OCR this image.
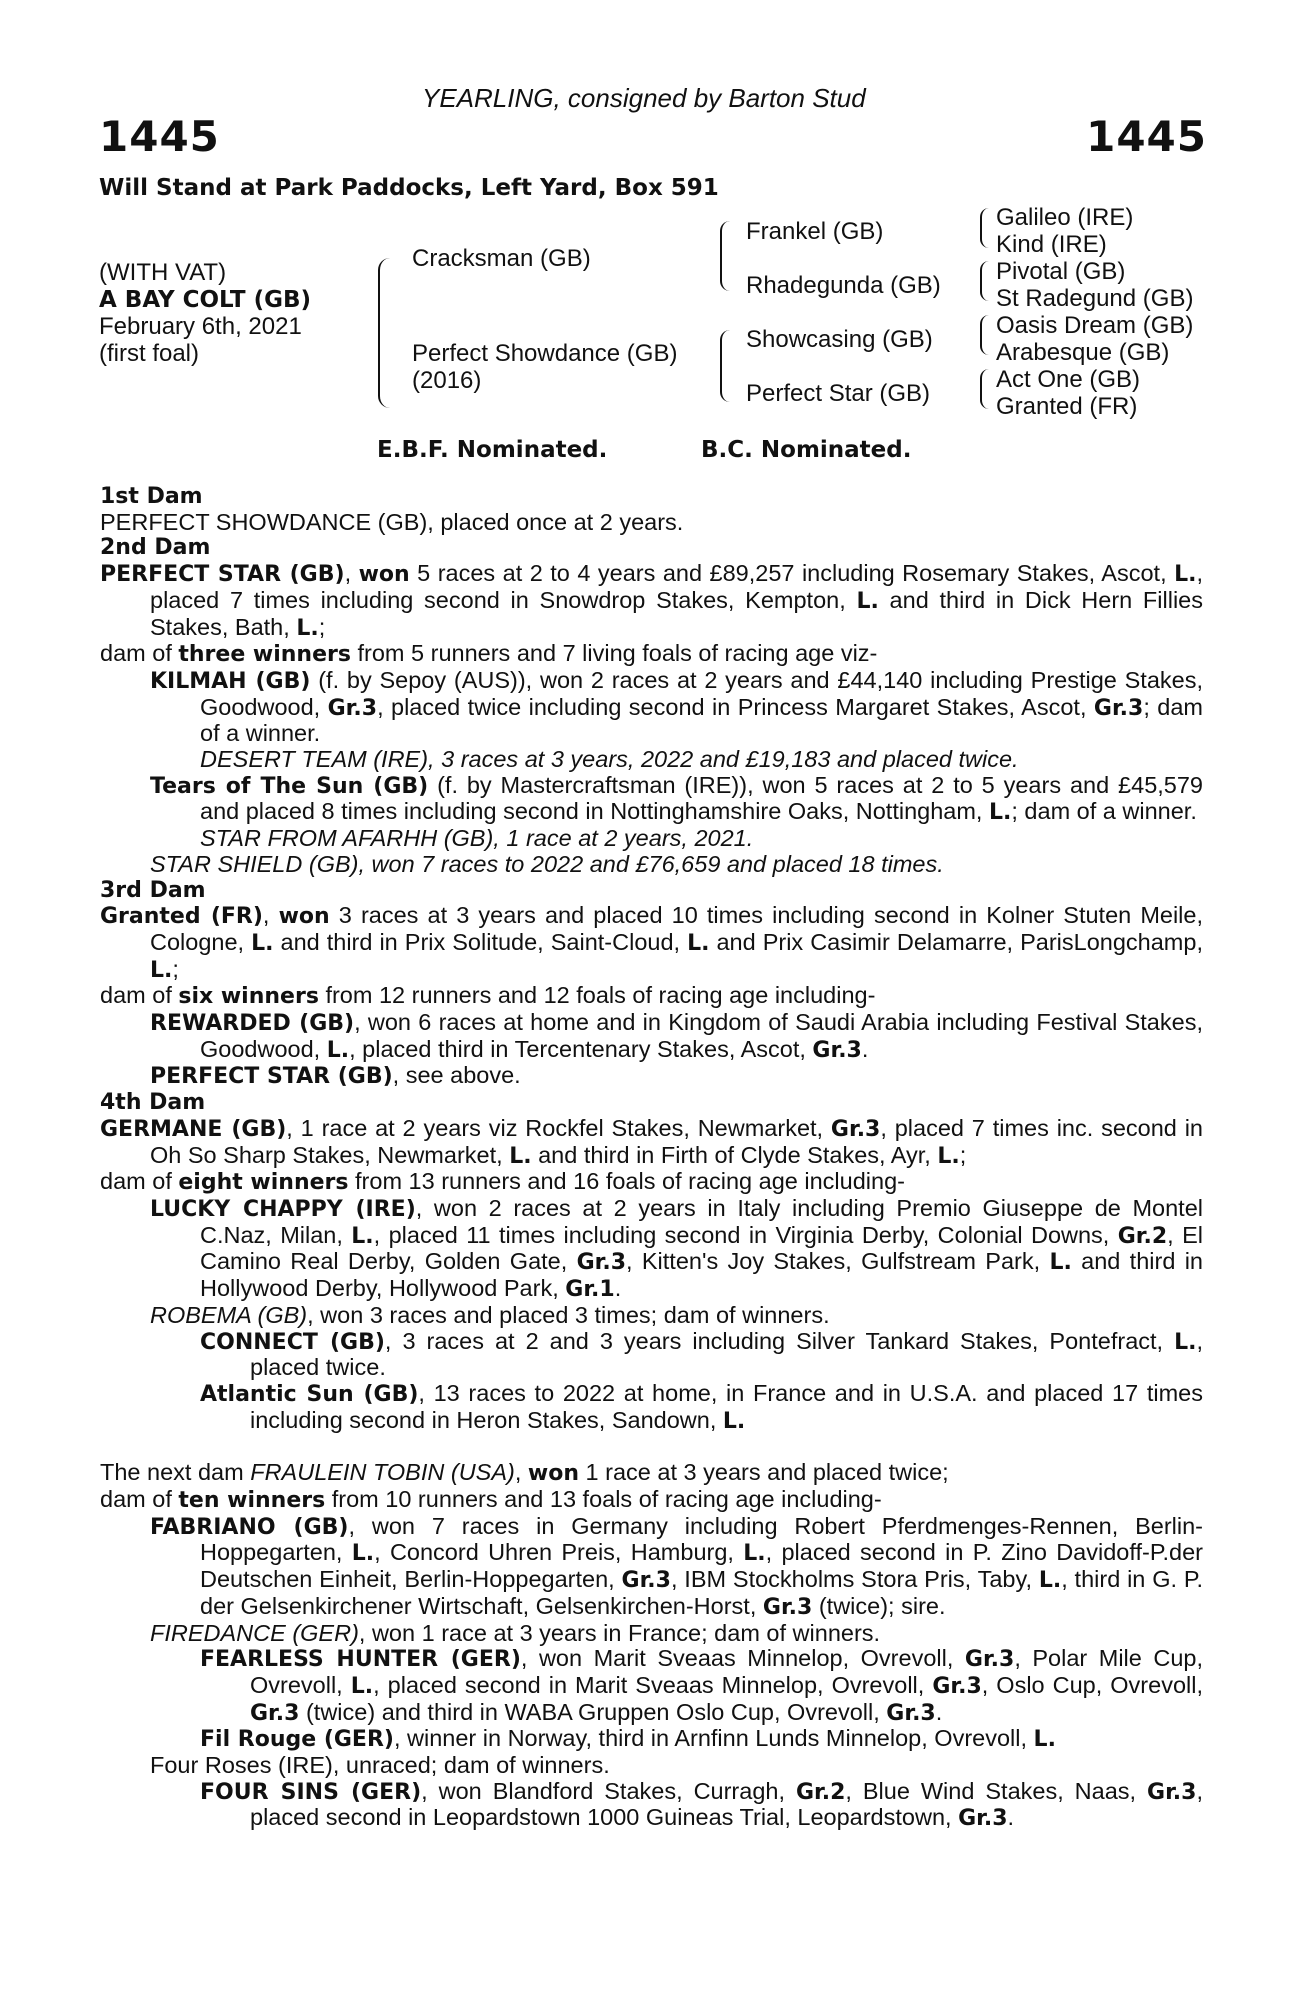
YEARLING, consigned by Barton Stud
1445	1445
Will Stand at Park Paddocks, Left Yard, Box 591
(WITH VAT)
A BAY COLT (GB)
February 6th, 2021
(first foal)
Cracksman (GB)
Perfect Showdance (GB)
(2016)
Frankel (GB)
Rhadegunda (GB)
Showcasing (GB)
Perfect Star (GB)
Galileo (IRE)
Kind (IRE)
Pivotal (GB)
St Radegund (GB)
Oasis Dream (GB)
Arabesque (GB)
Act One (GB)
Granted (FR)
E.B.F. Nominated.	B.C. Nominated.

1st Dam

PERFECT SHOWDANCE (GB), placed once at 2 years.

2nd Dam

PERFECT STAR (GB), won 5 races at 2 to 4 years and £89,257 including Rosemary Stakes, Ascot, L., placed 7 times including second in Snowdrop Stakes, Kempton, L. and third in Dick Hern Fillies Stakes, Bath, L.;

dam of three winners from 5 runners and 7 living foals of racing age viz-

KILMAH (GB) (f. by Sepoy (AUS)), won 2 races at 2 years and £44,140 including Prestige Stakes, Goodwood, Gr.3, placed twice including second in Princess Margaret Stakes, Ascot, Gr.3; dam of a winner.

DESERT TEAM (IRE), 3 races at 3 years, 2022 and £19,183 and placed twice.

Tears of The Sun (GB) (f. by Mastercraftsman (IRE)), won 5 races at 2 to 5 years and £45,579 and placed 8 times including second in Nottinghamshire Oaks, Nottingham, L.; dam of a winner.

STAR FROM AFARHH (GB), 1 race at 2 years, 2021.

STAR SHIELD (GB), won 7 races to 2022 and £76,659 and placed 18 times.

3rd Dam

Granted (FR), won 3 races at 3 years and placed 10 times including second in Kolner Stuten Meile, Cologne, L. and third in Prix Solitude, Saint-Cloud, L. and Prix Casimir Delamarre, ParisLongchamp, L.;

dam of six winners from 12 runners and 12 foals of racing age including-

REWARDED (GB), won 6 races at home and in Kingdom of Saudi Arabia including Festival Stakes, Goodwood, L., placed third in Tercentenary Stakes, Ascot, Gr.3.

PERFECT STAR (GB), see above.

4th Dam

GERMANE (GB), 1 race at 2 years viz Rockfel Stakes, Newmarket, Gr.3, placed 7 times inc. second in Oh So Sharp Stakes, Newmarket, L. and third in Firth of Clyde Stakes, Ayr, L.;

dam of eight winners from 13 runners and 16 foals of racing age including-

LUCKY CHAPPY (IRE), won 2 races at 2 years in Italy including Premio Giuseppe de Montel C.Naz, Milan, L., placed 11 times including second in Virginia Derby, Colonial Downs, Gr.2, El Camino Real Derby, Golden Gate, Gr.3, Kitten's Joy Stakes, Gulfstream Park, L. and third in Hollywood Derby, Hollywood Park, Gr.1.

ROBEMA (GB), won 3 races and placed 3 times; dam of winners.

CONNECT (GB), 3 races at 2 and 3 years including Silver Tankard Stakes, Pontefract, L., placed twice.

Atlantic Sun (GB), 13 races to 2022 at home, in France and in U.S.A. and placed 17 times including second in Heron Stakes, Sandown, L.

The next dam FRAULEIN TOBIN (USA), won 1 race at 3 years and placed twice;

dam of ten winners from 10 runners and 13 foals of racing age including-

FABRIANO (GB), won 7 races in Germany including Robert Pferdmenges-Rennen, Berlin-Hoppegarten, L., Concord Uhren Preis, Hamburg, L., placed second in P. Zino Davidoff-P.der Deutschen Einheit, Berlin-Hoppegarten, Gr.3, IBM Stockholms Stora Pris, Taby, L., third in G. P. der Gelsenkirchener Wirtschaft, Gelsenkirchen-Horst, Gr.3 (twice); sire.

FIREDANCE (GER), won 1 race at 3 years in France; dam of winners.

FEARLESS HUNTER (GER), won Marit Sveaas Minnelop, Ovrevoll, Gr.3, Polar Mile Cup, Ovrevoll, L., placed second in Marit Sveaas Minnelop, Ovrevoll, Gr.3, Oslo Cup, Ovrevoll, Gr.3 (twice) and third in WABA Gruppen Oslo Cup, Ovrevoll, Gr.3.

Fil Rouge (GER), winner in Norway, third in Arnfinn Lunds Minnelop, Ovrevoll, L.

Four Roses (IRE), unraced; dam of winners.

FOUR SINS (GER), won Blandford Stakes, Curragh, Gr.2, Blue Wind Stakes, Naas, Gr.3, placed second in Leopardstown 1000 Guineas Trial, Leopardstown, Gr.3.
